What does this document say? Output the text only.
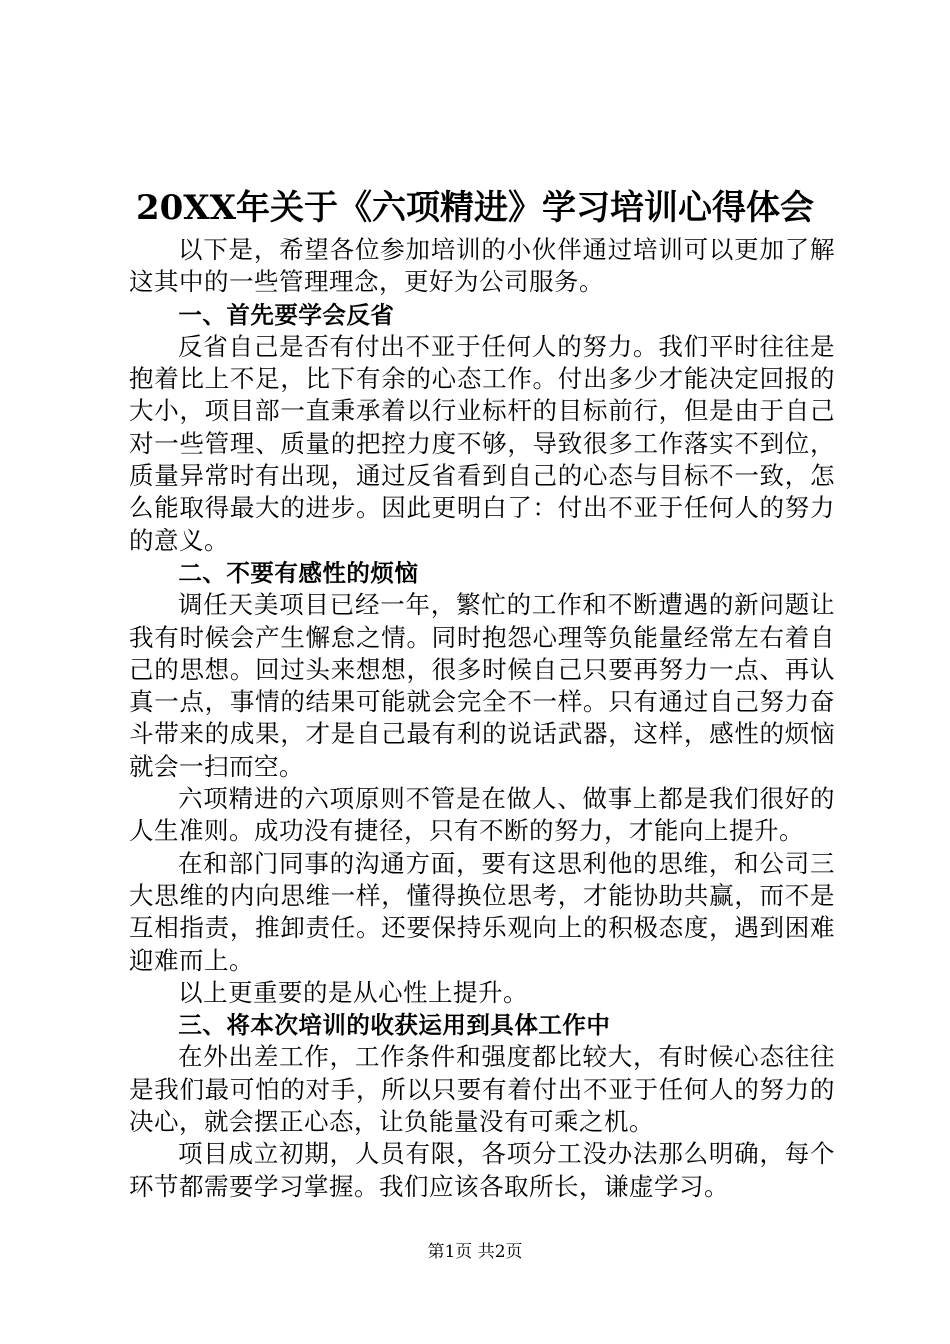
20XX年关于《六项精进》学习培训心得体会

以下是，希望各位参加培训的小伙伴通过培训可以更加了解这其中的一些管理理念，更好为公司服务。

一、首先要学会反省

反省自己是否有付出不亚于任何人的努力。我们平时往往是抱着比上不足，比下有余的心态工作。付出多少才能决定回报的大小，项目部一直秉承着以行业标杆的目标前行，但是由于自己对一些管理、质量的把控力度不够，导致很多工作落实不到位，质量异常时有出现，通过反省看到自己的心态与目标不一致，怎么能取得最大的进步。因此更明白了：付出不亚于任何人的努力的意义。

二、不要有感性的烦恼

调任天美项目已经一年，繁忙的工作和不断遭遇的新问题让我有时候会产生懈怠之情。同时抱怨心理等负能量经常左右着自己的思想。回过头来想想，很多时候自己只要再努力一点、再认真一点，事情的结果可能就会完全不一样。只有通过自己努力奋斗带来的成果，才是自己最有利的说话武器，这样，感性的烦恼就会一扫而空。

六项精进的六项原则不管是在做人、做事上都是我们很好的人生准则。成功没有捷径，只有不断的努力，才能向上提升。

在和部门同事的沟通方面，要有这思利他的思维，和公司三大思维的内向思维一样，懂得换位思考，才能协助共赢，而不是互相指责，推卸责任。还要保持乐观向上的积极态度，遇到困难迎难而上。

以上更重要的是从心性上提升。

三、将本次培训的收获运用到具体工作中

在外出差工作，工作条件和强度都比较大，有时候心态往往是我们最可怕的对手，所以只要有着付出不亚于任何人的努力的决心，就会摆正心态，让负能量没有可乘之机。

项目成立初期，人员有限，各项分工没办法那么明确，每个环节都需要学习掌握。我们应该各取所长，谦虚学习。

第1页 共2页
